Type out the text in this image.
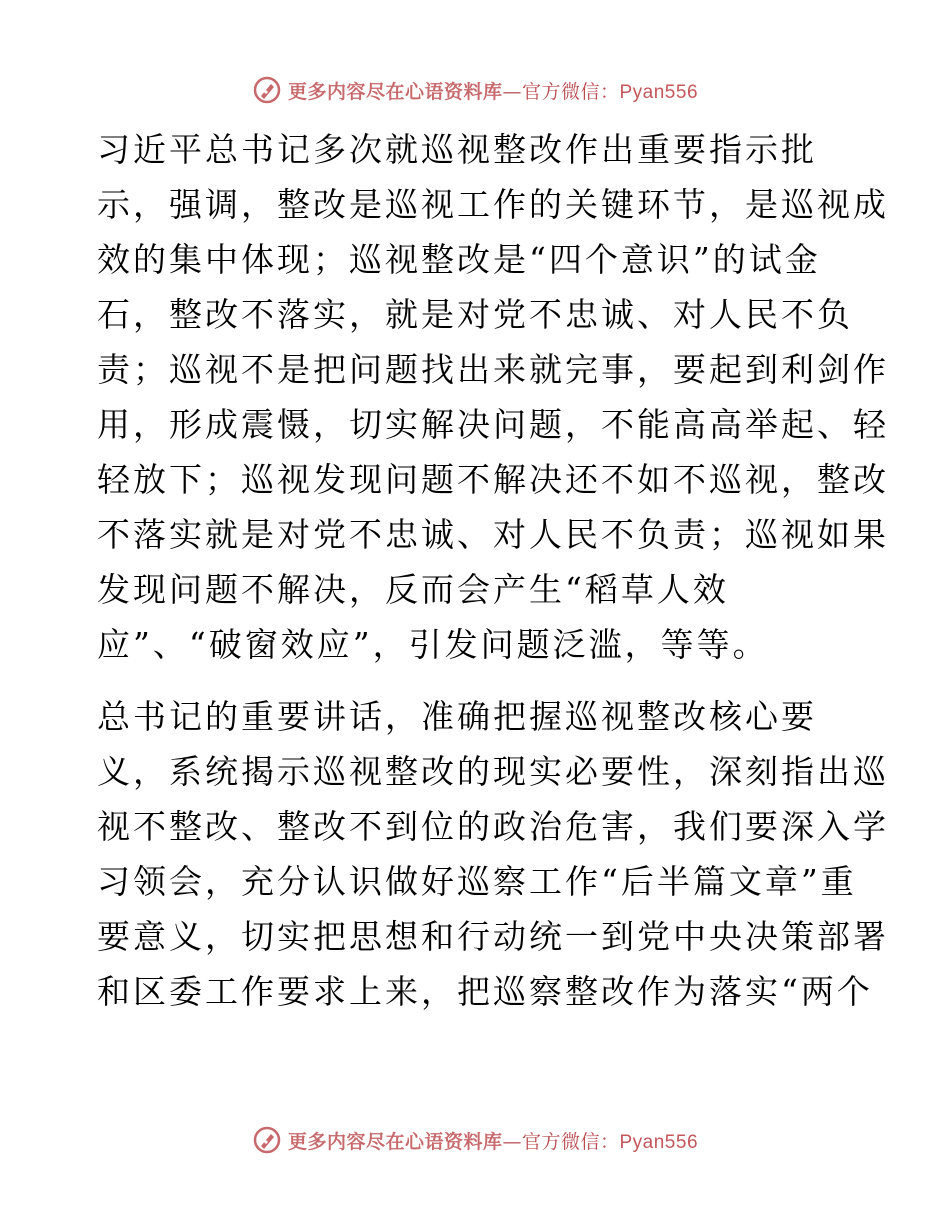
更多内容尽在心语资料库—官方微信：Pyan556
习近平总书记多次就巡视整改作出重要指示批
示，强调，整改是巡视工作的关键环节，是巡视成
效的集中体现；巡视整改是“四个意识”的试金
石，整改不落实，就是对党不忠诚、对人民不负
责；巡视不是把问题找出来就完事，要起到利剑作
用，形成震慑，切实解决问题，不能高高举起、轻
轻放下；巡视发现问题不解决还不如不巡视，整改
不落实就是对党不忠诚、对人民不负责；巡视如果
发现问题不解决，反而会产生“稻草人效
应”、“破窗效应”，引发问题泛滥，等等。
总书记的重要讲话，准确把握巡视整改核心要
义，系统揭示巡视整改的现实必要性，深刻指出巡
视不整改、整改不到位的政治危害，我们要深入学
习领会，充分认识做好巡察工作“后半篇文章”重
要意义，切实把思想和行动统一到党中央决策部署
和区委工作要求上来，把巡察整改作为落实“两个
更多内容尽在心语资料库—官方微信：Pyan556
